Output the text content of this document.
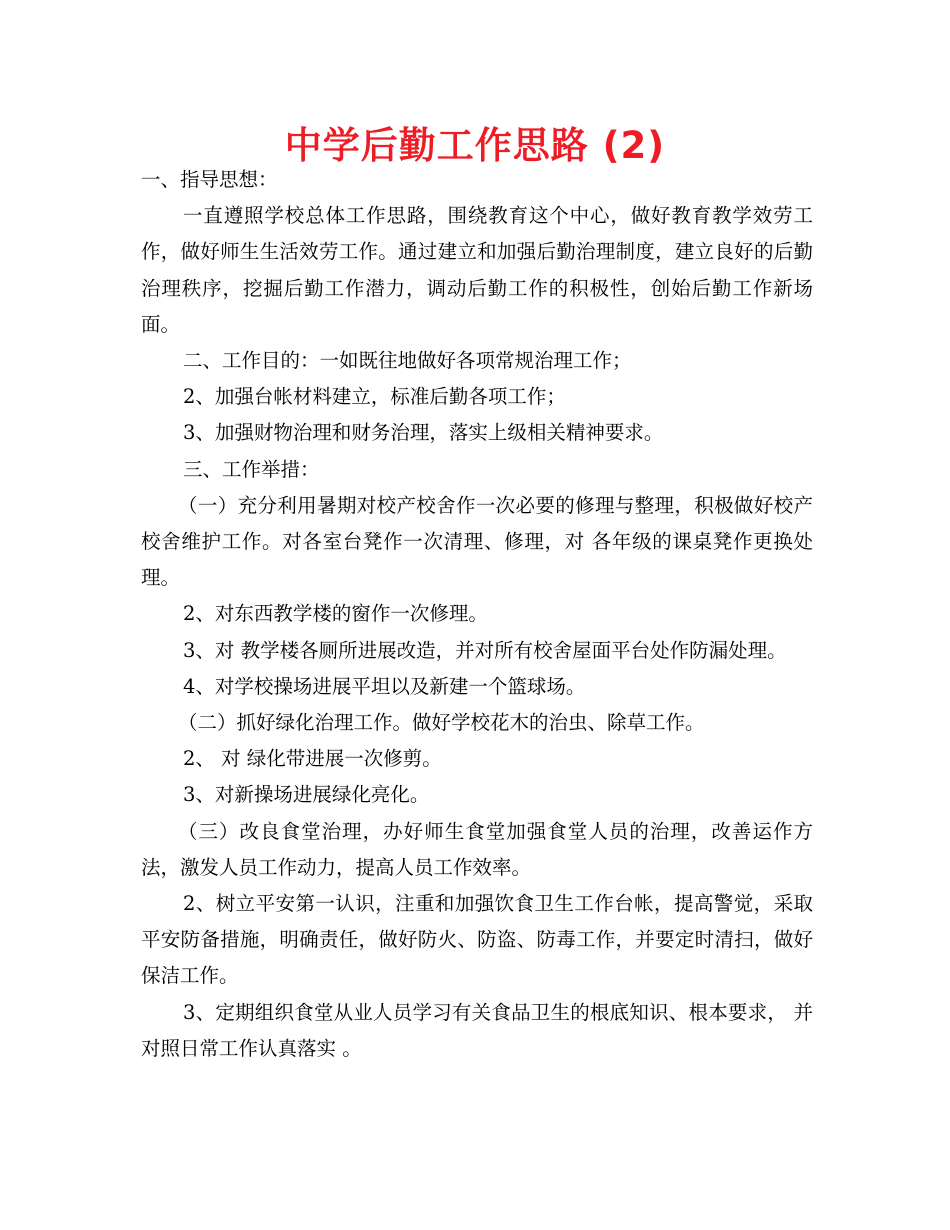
中学后勤工作思路 (2)

一、指导思想：

一直遵照学校总体工作思路，围绕教育这个中心，做好教育教学效劳工作，做好师生生活效劳工作。通过建立和加强后勤治理制度，建立良好的后勤治理秩序，挖掘后勤工作潜力，调动后勤工作的积极性，创始后勤工作新场面。

二、工作目的：一如既往地做好各项常规治理工作；

2、加强台帐材料建立，标准后勤各项工作；

3、加强财物治理和财务治理，落实上级相关精神要求。

三、工作举措：

（一）充分利用暑期对校产校舍作一次必要的修理与整理，积极做好校产校舍维护工作。对各室台凳作一次清理、修理，对 各年级的课桌凳作更换处理。

2、对东西教学楼的窗作一次修理。

3、对 教学楼各厕所进展改造，并对所有校舍屋面平台处作防漏处理。

4、对学校操场进展平坦以及新建一个篮球场。

（二）抓好绿化治理工作。做好学校花木的治虫、除草工作。

2、 对 绿化带进展一次修剪。

3、对新操场进展绿化亮化。

（三）改良食堂治理，办好师生食堂加强食堂人员的治理，改善运作方法，激发人员工作动力，提高人员工作效率。

2、树立平安第一认识，注重和加强饮食卫生工作台帐，提高警觉，采取平安防备措施，明确责任，做好防火、防盗、防毒工作，并要定时清扫，做好保洁工作。

3、定期组织食堂从业人员学习有关食品卫生的根底知识、根本要求， 并对照日常工作认真落实 。
